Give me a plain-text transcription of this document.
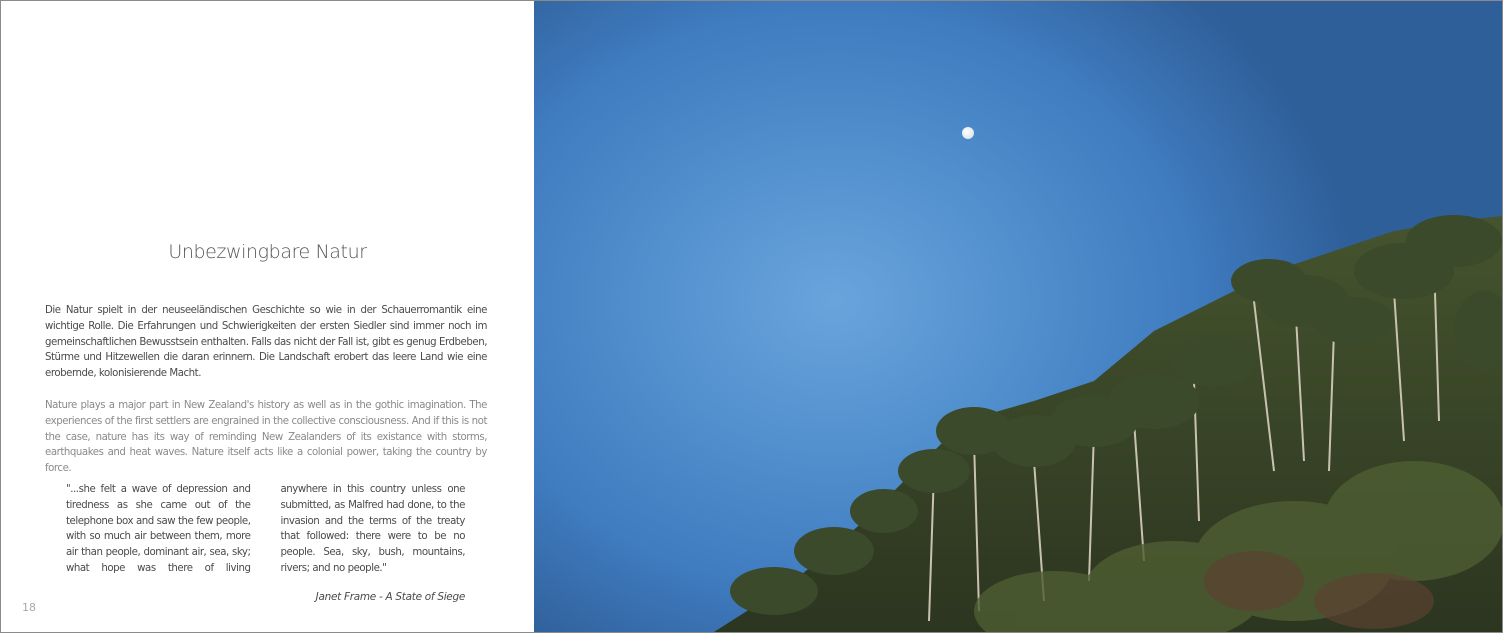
Unbezwingbare Natur

Die Natur spielt in der neuseeländischen Geschichte so wie in der Schauerromantik eine wichtige Rolle. Die Erfahrungen und Schwierigkeiten der ersten Siedler sind immer noch im gemeinschaftlichen Bewusstsein enthalten. Falls das nicht der Fall ist, gibt es genug Erdbeben, Stürme und Hitzewellen die daran erinnern. Die Landschaft erobert das leere Land wie eine erobernde, kolonisierende Macht.

Nature plays a major part in New Zealand's history as well as in the gothic imagination. The experiences of the first settlers are engrained in the collective consciousness. And if this is not the case, nature has its way of reminding New Zealanders of its existance with storms, earthquakes and heat waves. Nature itself acts like a colonial power, taking the country by force.

"...she felt a wave of depression and tiredness as she came out of the telephone box and saw the few people, with so much air between them, more air than people, dominant air, sea, sky; what hope was there of living anywhere in this country unless one submitted, as Malfred had done, to the invasion and the terms of the treaty that followed: there were to be no people. Sea, sky, bush, mountains, rivers; and no people."

Janet Frame - A State of Siege

18
